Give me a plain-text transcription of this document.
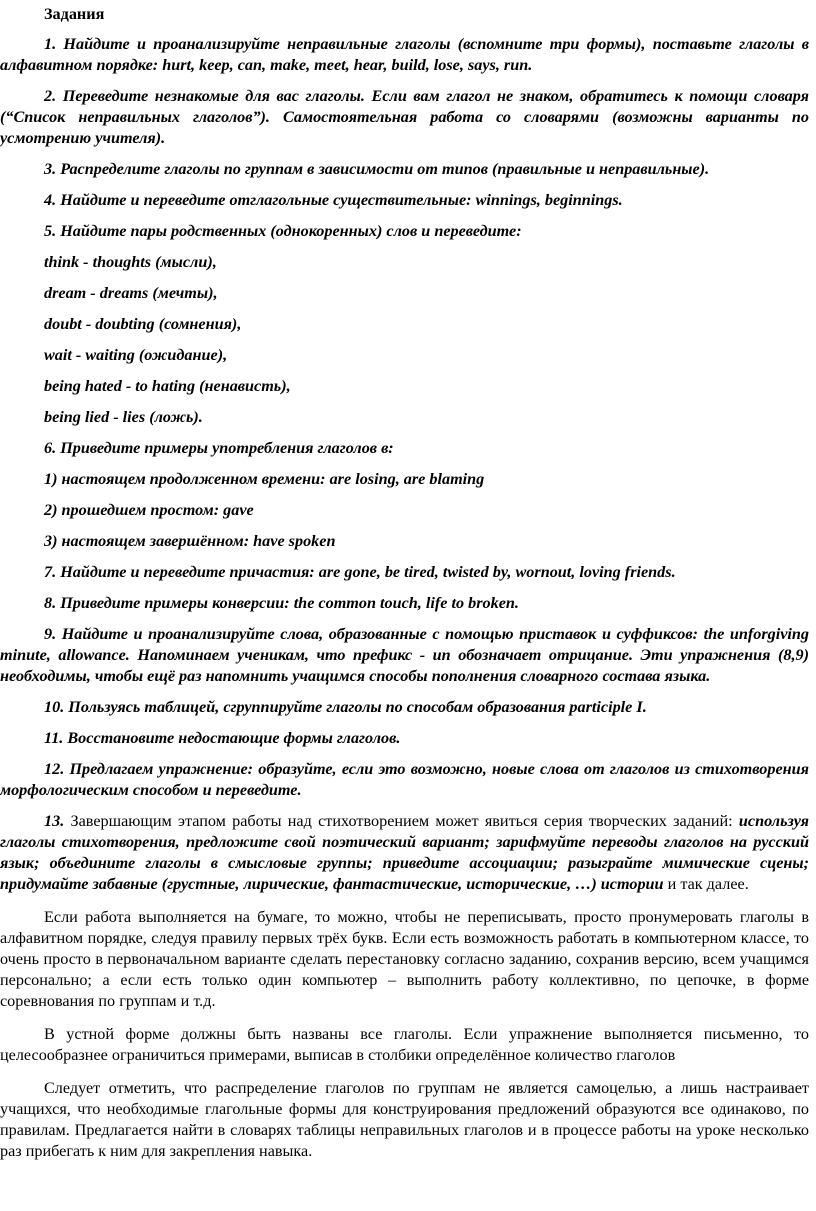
Задания

1. Найдите и проанализируйте неправильные глаголы (вспомните три формы), поставьте глаголы в алфавитном порядке: hurt, keep, can, make, meet, hear, build, lose, says, run.

2. Переведите незнакомые для вас глаголы. Если вам глагол не знаком, обратитесь к помощи словаря (“Список неправильных глаголов”). Самостоятельная работа со словарями (возможны варианты по усмотрению учителя).

3. Распределите глаголы по группам в зависимости от типов (правильные и неправильные).

4. Найдите и переведите отглагольные существительные: winnings, beginnings.

5. Найдите пары родственных (однокоренных) слов и переведите:

think - thoughts (мысли),

dream - dreams (мечты),

doubt - doubting (сомнения),

wait - waiting (ожидание),

being hated - to hating (ненависть),

being lied - lies (ложь).

6. Приведите примеры употребления глаголов в:

1) настоящем продолженном времени: are losing, are blaming

2) прошедшем простом: gave

3) настоящем завершённом: have spoken

7. Найдите и переведите причастия: are gone, be tired, twisted by, wornout, loving friends.

8. Приведите примеры конверсии: the common touch, life to broken.

9. Найдите и проанализируйте слова, образованные с помощью приставок и суффиксов: the unforgiving minute, allowance. Напоминаем ученикам, что префикс - un обозначает отрицание. Эти упражнения (8,9) необходимы, чтобы ещё раз напомнить учащимся способы пополнения словарного состава языка.

10. Пользуясь таблицей, сгруппируйте глаголы по способам образования participle I.

11. Восстановите недостающие формы глаголов.

12. Предлагаем упражнение: образуйте, если это возможно, новые слова от глаголов из стихотворения морфологическим способом и переведите.

13. Завершающим этапом работы над стихотворением может явиться серия творческих заданий: используя глаголы стихотворения, предложите свой поэтический вариант; зарифмуйте переводы глаголов на русский язык; объедините глаголы в смысловые группы; приведите ассоциации; разыграйте мимические сцены; придумайте забавные (грустные, лирические, фантастические, исторические, …) истории и так далее.

Если работа выполняется на бумаге, то можно, чтобы не переписывать, просто пронумеровать глаголы в алфавитном порядке, следуя правилу первых трёх букв. Если есть возможность работать в компьютерном классе, то очень просто в первоначальном варианте сделать перестановку согласно заданию, сохранив версию, всем учащимся персонально; а если есть только один компьютер – выполнить работу коллективно, по цепочке, в форме соревнования по группам и т.д.

В устной форме должны быть названы все глаголы. Если упражнение выполняется письменно, то целесообразнее ограничиться примерами, выписав в столбики определённое количество глаголов

Следует отметить, что распределение глаголов по группам не является самоцелью, а лишь настраивает учащихся, что необходимые глагольные формы для конструирования предложений образуются все одинаково, по правилам. Предлагается найти в словарях таблицы неправильных глаголов и в процессе работы на уроке несколько раз прибегать к ним для закрепления навыка.
